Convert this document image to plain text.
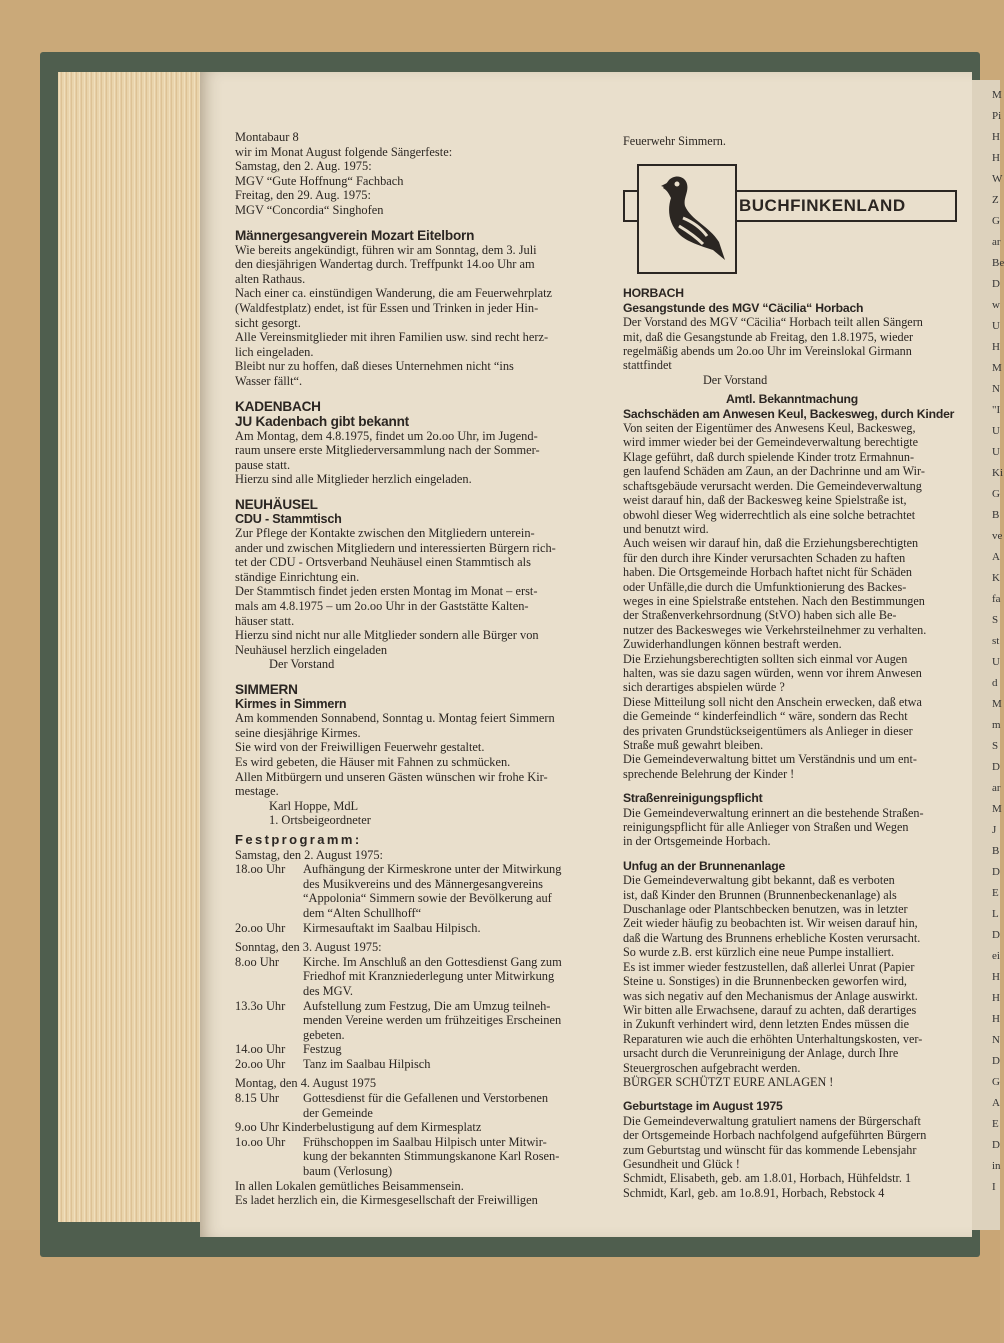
M
Pi
H
H
W
Z
G
ar
Be
D
w
U
H
M
N
"I
U
U
Ki
G
B
ve
A
K
fa
S
st
U
d
M
m
S
D
ar
M
J
B
D
E
L
D
ei
H
H
H
N
D
G
A
E
D
in
I

Montabaur 8

wir im Monat August folgende Sängerfeste:

Samstag, den 2. Aug. 1975:

MGV “Gute Hoffnung“ Fachbach

Freitag, den 29. Aug. 1975:

MGV “Concordia“ Singhofen

Männergesangverein Mozart Eitelborn

Wie bereits angekündigt, führen wir am Sonntag, dem 3. Juli

den diesjährigen Wandertag durch. Treffpunkt 14.oo Uhr am

alten Rathaus.

Nach einer ca. einstündigen Wanderung, die am Feuerwehrplatz

(Waldfestplatz) endet, ist für Essen und Trinken in jeder Hin-

sicht gesorgt.

Alle Vereinsmitglieder mit ihren Familien usw. sind recht herz-

lich eingeladen.

Bleibt nur zu hoffen, daß dieses Unternehmen nicht “ins

Wasser fällt“.

KADENBACH

JU Kadenbach gibt bekannt

Am Montag, dem 4.8.1975, findet um 2o.oo Uhr, im Jugend-

raum unsere erste Mitgliederversammlung nach der Sommer-

pause statt.

Hierzu sind alle Mitglieder herzlich eingeladen.

NEUHÄUSEL

CDU - Stammtisch

Zur Pflege der Kontakte zwischen den Mitgliedern unterein-

ander und zwischen Mitgliedern und interessierten Bürgern rich-

tet der CDU - Ortsverband Neuhäusel einen Stammtisch als

ständige Einrichtung ein.

Der Stammtisch findet jeden ersten Montag im Monat – erst-

mals am 4.8.1975 – um 2o.oo Uhr in der Gaststätte Kalten-

häuser statt.

Hierzu sind nicht nur alle Mitglieder sondern alle Bürger von

Neuhäusel herzlich eingeladen

Der Vorstand

SIMMERN

Kirmes in Simmern

Am kommenden Sonnabend, Sonntag u. Montag feiert Simmern

seine diesjährige Kirmes.

Sie wird von der Freiwilligen Feuerwehr gestaltet.

Es wird gebeten, die Häuser mit Fahnen zu schmücken.

Allen Mitbürgern und unseren Gästen wünschen wir frohe Kir-

mestage.

Karl Hoppe, MdL

1. Ortsbeigeordneter

Festprogramm:

Samstag, den 2. August 1975:

18.oo Uhr	Aufhängung der Kirmeskrone unter der Mitwirkung
des Musikvereins und des Männergesangvereins
“Appolonia“ Simmern sowie der Bevölkerung auf
dem “Alten Schullhoff“
2o.oo Uhr	Kirmesauftakt im Saalbau Hilpisch.

Sonntag, den 3. August 1975:

8.oo Uhr	Kirche. Im Anschluß an den Gottesdienst Gang zum
Friedhof mit Kranzniederlegung unter Mitwirkung
des MGV.
13.3o Uhr	Aufstellung zum Festzug, Die am Umzug teilneh-
menden Vereine werden um frühzeitiges Erscheinen
gebeten.
14.oo Uhr	Festzug
2o.oo Uhr	Tanz im Saalbau Hilpisch

Montag, den 4. August 1975

8.15 Uhr	Gottesdienst für die Gefallenen und Verstorbenen
der Gemeinde

9.oo Uhr Kinderbelustigung auf dem Kirmesplatz

1o.oo Uhr	Frühschoppen im Saalbau Hilpisch unter Mitwir-
kung der bekannten Stimmungskanone Karl Rosen-
baum (Verlosung)

In allen Lokalen gemütliches Beisammensein.

Es ladet herzlich ein, die Kirmesgesellschaft der Freiwilligen

Feuerwehr Simmern.

BUCHFINKENLAND

HORBACH

Gesangstunde des MGV “Cäcilia“ Horbach

Der Vorstand des MGV “Cäcilia“ Horbach teilt allen Sängern

mit, daß die Gesangstunde ab Freitag, den 1.8.1975, wieder

regelmäßig abends um 2o.oo Uhr im Vereinslokal Girmann

stattfindet

Der Vorstand

Amtl. Bekanntmachung

Sachschäden am Anwesen Keul, Backesweg, durch Kinder

Von seiten der Eigentümer des Anwesens Keul, Backesweg,

wird immer wieder bei der Gemeindeverwaltung berechtigte

Klage geführt, daß durch spielende Kinder trotz Ermahnun-

gen laufend Schäden am Zaun, an der Dachrinne und am Wir-

schaftsgebäude verursacht werden. Die Gemeindeverwaltung

weist darauf hin, daß der Backesweg keine Spielstraße ist,

obwohl dieser Weg widerrechtlich als eine solche betrachtet

und benutzt wird.

Auch weisen wir darauf hin, daß die Erziehungsberechtigten

für den durch ihre Kinder verursachten Schaden zu haften

haben. Die Ortsgemeinde Horbach haftet nicht für Schäden

oder Unfälle,die durch die Umfunktionierung des Backes-

weges in eine Spielstraße entstehen. Nach den Bestimmungen

der Straßenverkehrsordnung (StVO) haben sich alle Be-

nutzer des Backesweges wie Verkehrsteilnehmer zu verhalten.

Zuwiderhandlungen können bestraft werden.

Die Erziehungsberechtigten sollten sich einmal vor Augen

halten, was sie dazu sagen würden, wenn vor ihrem Anwesen

sich derartiges abspielen würde ?

Diese Mitteilung soll nicht den Anschein erwecken, daß etwa

die Gemeinde “ kinderfeindlich “ wäre, sondern das Recht

des privaten Grundstückseigentümers als Anlieger in dieser

Straße muß gewahrt bleiben.

Die Gemeindeverwaltung bittet um Verständnis und um ent-

sprechende Belehrung der Kinder !

Straßenreinigungspflicht

Die Gemeindeverwaltung erinnert an die bestehende Straßen-

reinigungspflicht für alle Anlieger von Straßen und Wegen

in der Ortsgemeinde Horbach.

Unfug an der Brunnenanlage

Die Gemeindeverwaltung gibt bekannt, daß es verboten

ist, daß Kinder den Brunnen (Brunnenbeckenanlage) als

Duschanlage oder Plantschbecken benutzen, was in letzter

Zeit wieder häufig zu beobachten ist. Wir weisen darauf hin,

daß die Wartung des Brunnens erhebliche Kosten verursacht.

So wurde z.B. erst kürzlich eine neue Pumpe installiert.

Es ist immer wieder festzustellen, daß allerlei Unrat (Papier

Steine u. Sonstiges) in die Brunnenbecken geworfen wird,

was sich negativ auf den Mechanismus der Anlage auswirkt.

Wir bitten alle Erwachsene, darauf zu achten, daß derartiges

in Zukunft verhindert wird, denn letzten Endes müssen die

Reparaturen wie auch die erhöhten Unterhaltungskosten, ver-

ursacht durch die Verunreinigung der Anlage, durch Ihre

Steuergroschen aufgebracht werden.

BÜRGER SCHÜTZT EURE ANLAGEN !

Geburtstage im August 1975

Die Gemeindeverwaltung gratuliert namens der Bürgerschaft

der Ortsgemeinde Horbach nachfolgend aufgeführten Bürgern

zum Geburtstag und wünscht für das kommende Lebensjahr

Gesundheit und Glück !

Schmidt, Elisabeth, geb. am 1.8.01, Horbach, Hühfeldstr. 1

Schmidt, Karl, geb. am 1o.8.91, Horbach, Rebstock 4
